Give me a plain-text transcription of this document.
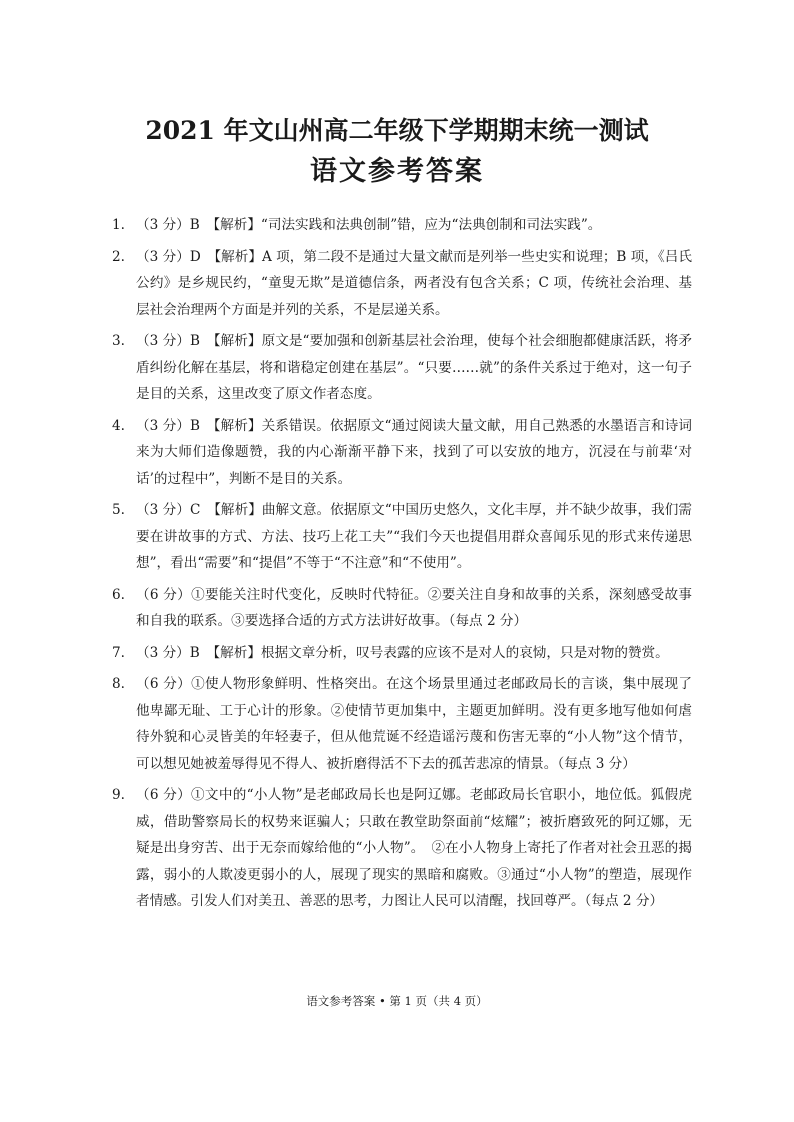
2021 年文山州高二年级下学期期末统一测试
语文参考答案
1. （3 分）B　【解析】“司法实践和法典创制”错，应为“法典创制和司法实践”。
2. （3 分）D　【解析】A 项，第二段不是通过大量文献而是列举一些史实和说理；B 项，《吕氏公约》是乡规民约，“童叟无欺”是道德信条，两者没有包含关系；C 项，传统社会治理、基层社会治理两个方面是并列的关系，不是层递关系。
3. （3 分）B　【解析】原文是“要加强和创新基层社会治理，使每个社会细胞都健康活跃，将矛盾纠纷化解在基层，将和谐稳定创建在基层”。“只要……就”的条件关系过于绝对，这一句子是目的关系，这里改变了原文作者态度。
4. （3 分）B　【解析】关系错误。依据原文“通过阅读大量文献，用自己熟悉的水墨语言和诗词来为大师们造像题赞，我的内心渐渐平静下来，找到了可以安放的地方，沉浸在与前辈‘对话’的过程中”，判断不是目的关系。
5. （3 分）C　【解析】曲解文意。依据原文“中国历史悠久，文化丰厚，并不缺少故事，我们需要在讲故事的方式、方法、技巧上花工夫”“我们今天也提倡用群众喜闻乐见的形式来传递思想”，看出“需要”和“提倡”不等于“不注意”和“不使用”。
6. （6 分）①要能关注时代变化，反映时代特征。②要关注自身和故事的关系，深刻感受故事和自我的联系。③要选择合适的方式方法讲好故事。（每点 2 分）
7. （3 分）B　【解析】根据文章分析，叹号表露的应该不是对人的哀恸，只是对物的赞赏。
8. （6 分）①使人物形象鲜明、性格突出。在这个场景里通过老邮政局长的言谈，集中展现了他卑鄙无耻、工于心计的形象。②使情节更加集中，主题更加鲜明。没有更多地写他如何虐待外貌和心灵皆美的年轻妻子，但从他荒诞不经造谣污蔑和伤害无辜的“小人物”这个情节，可以想见她被羞辱得见不得人、被折磨得活不下去的孤苦悲凉的情景。（每点 3 分）
9. （6 分）①文中的“小人物”是老邮政局长也是阿辽娜。老邮政局长官职小，地位低。狐假虎威，借助警察局长的权势来诓骗人；只敢在教堂助祭面前“炫耀”；被折磨致死的阿辽娜，无疑是出身穷苦、出于无奈而嫁给他的“小人物”。　②在小人物身上寄托了作者对社会丑恶的揭露，弱小的人欺凌更弱小的人，展现了现实的黑暗和腐败。③通过“小人物”的塑造，展现作者情感。引发人们对美丑、善恶的思考，力图让人民可以清醒，找回尊严。（每点 2 分）

语文参考答案 • 第 1 页（共 4 页）
